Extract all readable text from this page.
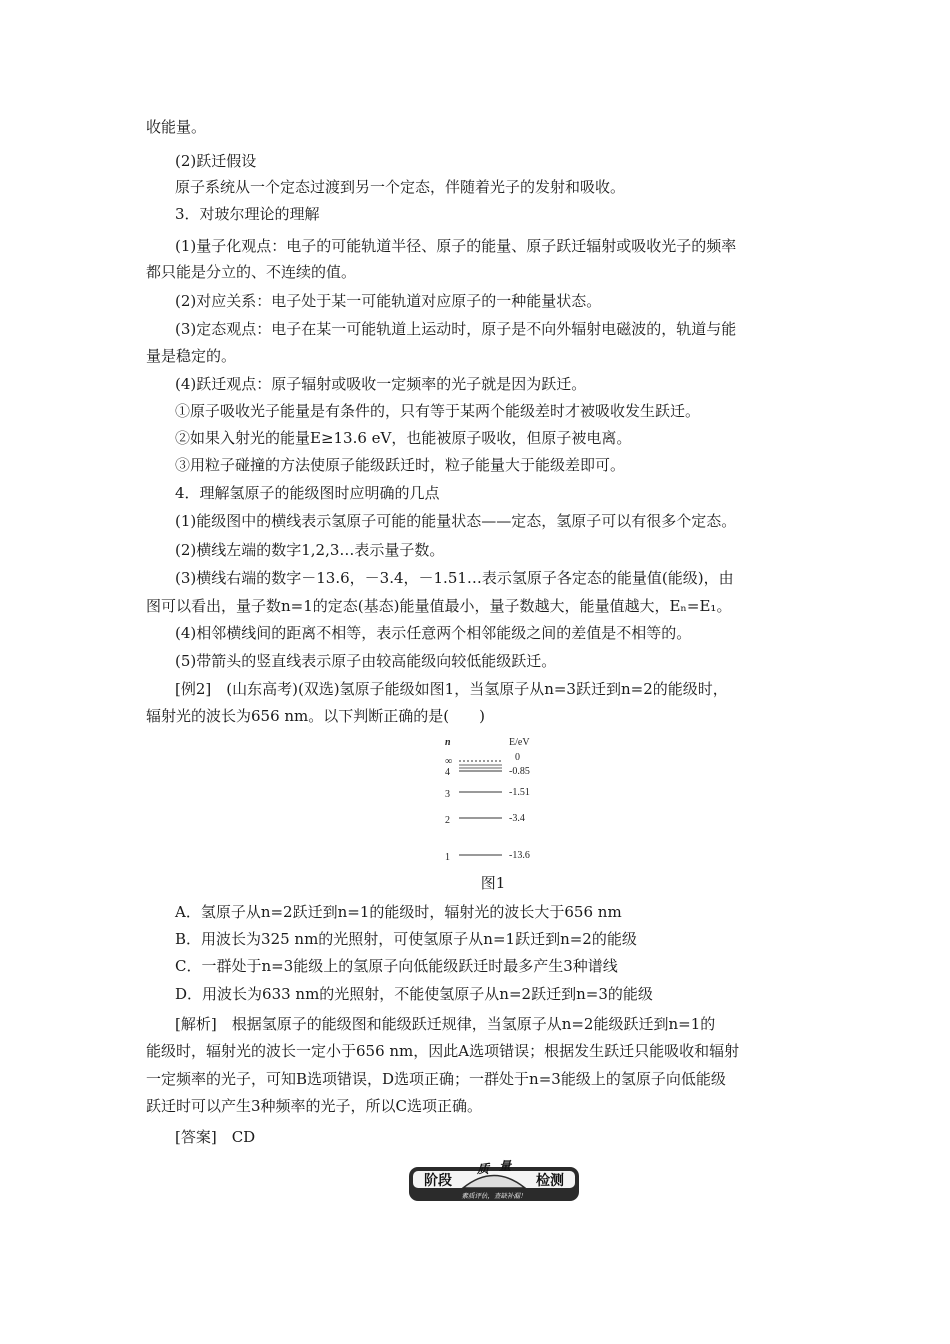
收能量。
(2)跃迁假设
原子系统从一个定态过渡到另一个定态，伴随着光子的发射和吸收。
3．对玻尔理论的理解
(1)量子化观点：电子的可能轨道半径、原子的能量、原子跃迁辐射或吸收光子的频率
都只能是分立的、不连续的值。
(2)对应关系：电子处于某一可能轨道对应原子的一种能量状态。
(3)定态观点：电子在某一可能轨道上运动时，原子是不向外辐射电磁波的，轨道与能
量是稳定的。
(4)跃迁观点：原子辐射或吸收一定频率的光子就是因为跃迁。
①原子吸收光子能量是有条件的，只有等于某两个能级差时才被吸收发生跃迁。
②如果入射光的能量E≥13.6 eV，也能被原子吸收，但原子被电离。
③用粒子碰撞的方法使原子能级跃迁时，粒子能量大于能级差即可。
4．理解氢原子的能级图时应明确的几点
(1)能级图中的横线表示氢原子可能的能量状态——定态，氢原子可以有很多个定态。
(2)横线左端的数字1,2,3…表示量子数。
(3)横线右端的数字－13.6，－3.4，－1.51…表示氢原子各定态的能量值(能级)，由
图可以看出，量子数n=1的定态(基态)能量值最小，量子数越大，能量值越大，Eₙ=E₁。
(4)相邻横线间的距离不相等，表示任意两个相邻能级之间的差值是不相等的。
(5)带箭头的竖直线表示原子由较高能级向较低能级跃迁。
[例2]　(山东高考)(双选)氢原子能级如图1，当氢原子从n=3跃迁到n=2的能级时，
辐射光的波长为656 nm。以下判断正确的是(　　)
n	E/eV
∞	0
4	-0.85
3	-1.51
2	-3.4
1	-13.6
图1
A．氢原子从n=2跃迁到n=1的能级时，辐射光的波长大于656 nm
B．用波长为325 nm的光照射，可使氢原子从n=1跃迁到n=2的能级
C．一群处于n=3能级上的氢原子向低能级跃迁时最多产生3种谱线
D．用波长为633 nm的光照射，不能使氢原子从n=2跃迁到n=3的能级
[解析]　根据氢原子的能级图和能级跃迁规律，当氢原子从n=2能级跃迁到n=1的
能级时，辐射光的波长一定小于656 nm，因此A选项错误；根据发生跃迁只能吸收和辐射
一定频率的光子，可知B选项错误，D选项正确；一群处于n=3能级上的氢原子向低能级
跃迁时可以产生3种频率的光子，所以C选项正确。
[答案]　CD
阶段
质 量
检测
素质评估，查缺补漏！
